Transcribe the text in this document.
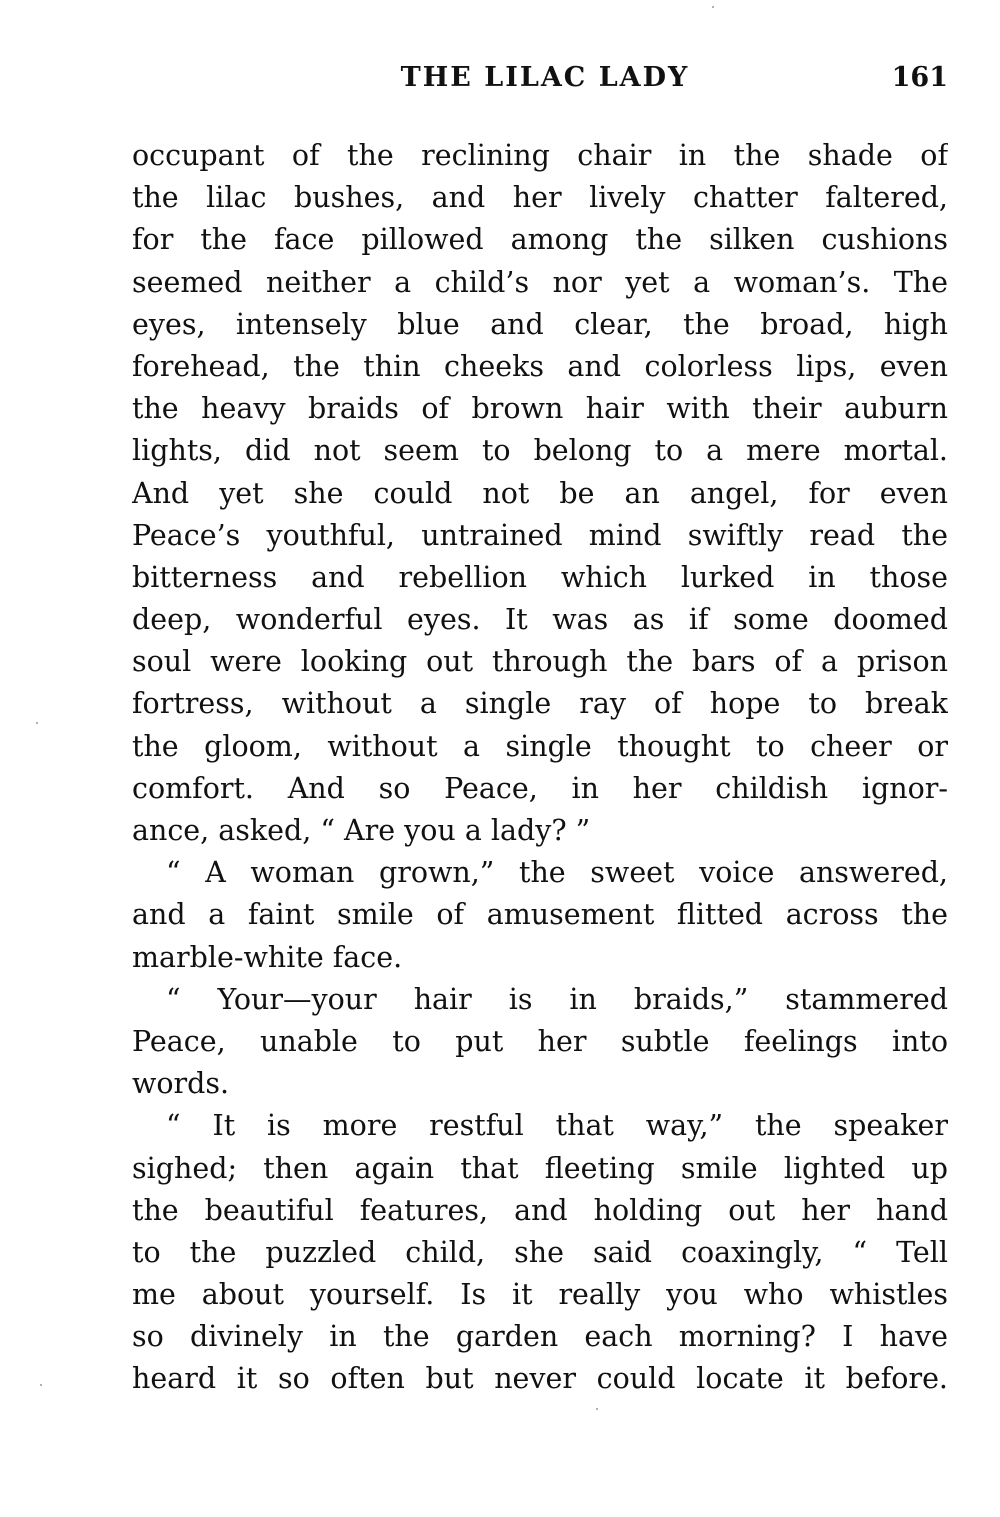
THE LILAC LADY	161
occupant of the reclining chair in the shade of
the lilac bushes, and her lively chatter faltered,
for the face pillowed among the silken cushions
seemed neither a child’s nor yet a woman’s. The
eyes, intensely blue and clear, the broad, high
forehead, the thin cheeks and colorless lips, even
the heavy braids of brown hair with their auburn
lights, did not seem to belong to a mere mortal.
And yet she could not be an angel, for even
Peace’s youthful, untrained mind swiftly read the
bitterness and rebellion which lurked in those
deep, wonderful eyes. It was as if some doomed
soul were looking out through the bars of a prison
fortress, without a single ray of hope to break
the gloom, without a single thought to cheer or
comfort. And so Peace, in her childish ignor-
ance, asked, “ Are you a lady? ”
“ A woman grown,” the sweet voice answered,
and a faint smile of amusement flitted across the
marble-white face.
“ Your—your hair is in braids,” stammered
Peace, unable to put her subtle feelings into
words.
“ It is more restful that way,” the speaker
sighed; then again that fleeting smile lighted up
the beautiful features, and holding out her hand
to the puzzled child, she said coaxingly, “ Tell
me about yourself. Is it really you who whistles
so divinely in the garden each morning? I have
heard it so often but never could locate it before.
